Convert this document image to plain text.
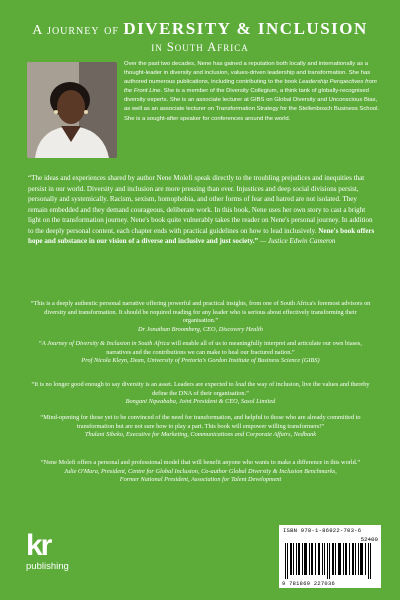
A journey of DIVERSITY & INCLUSION
in South Africa

Over the past two decades, Nene has gained a reputation both locally and internationally as a thought-leader in diversity and inclusion, values-driven leadership and transformation. She has authored numerous publications, including contributing to the book Leadership Perspectives from the Front Line. She is a member of the Diversity Collegium, a think tank of globally-recognised diversity experts. She is an associate lecturer at GIBS on Global Diversity and Unconscious Bias, as well as an associate lecturer on Transformation Strategy for the Stellenbosch Business School. She is a sought-after speaker for conferences around the world.

“The ideas and experiences shared by author Nene Molefi speak directly to the troubling prejudices and inequities that persist in our world. Diversity and inclusion are more pressing than ever. Injustices and deep social divisions persist, personally and systemically. Racism, sexism, homophobia, and other forms of fear and hatred are not isolated. They remain embedded and they demand courageous, deliberate work. In this book, Nene uses her own story to cast a bright light on the transformation journey. Nene's book quite vulnerably takes the reader on Nene's personal journey. In addition to the deeply personal content, each chapter ends with practical guidelines on how to lead inclusively. Nene's book offers hope and substance in our vision of a diverse and inclusive and just society.” — Justice Edwin Cameron

“This is a deeply authentic personal narrative offering powerful and practical insights, from one of South Africa's foremost advisors on diversity and transformation. It should be required reading for any leader who is serious about effectively transforming their organisation.”
Dr Jonathan Broomberg, CEO, Discovery Health

“A Journey of Diversity & Inclusion in South Africa will enable all of us to meaningfully interpret and articulate our own biases, narratives and the contributions we can make to heal our fractured nation.”
Prof Nicola Kleyn, Dean, University of Pretoria's Gordon Institute of Business Science (GIBS)

“It is no longer good enough to say diversity is an asset. Leaders are expected to lead the way of inclusion, live the values and thereby define the DNA of their organisation.”
Bongani Nqwababa, Joint President & CEO, Sasol Limited

“Mind-opening for those yet to be convinced of the need for transformation, and helpful to those who are already committed to transformation but are not sure how to play a part. This book will empower willing transformers!”
Thulani Sibeko, Executive for Marketing, Communications and Corporate Affairs, Nedbank

“Nene Molefi offers a personal and professional model that will benefit anyone who wants to make a difference in this world.”
Julie O'Mara, President, Centre for Global Inclusion, Co-author Global Diversity & Inclusion Benchmarks,
Former National President, Association for Talent Development

kr
publishing
ISBN 978-1-86922-703-6
52400
9 781869 227036
